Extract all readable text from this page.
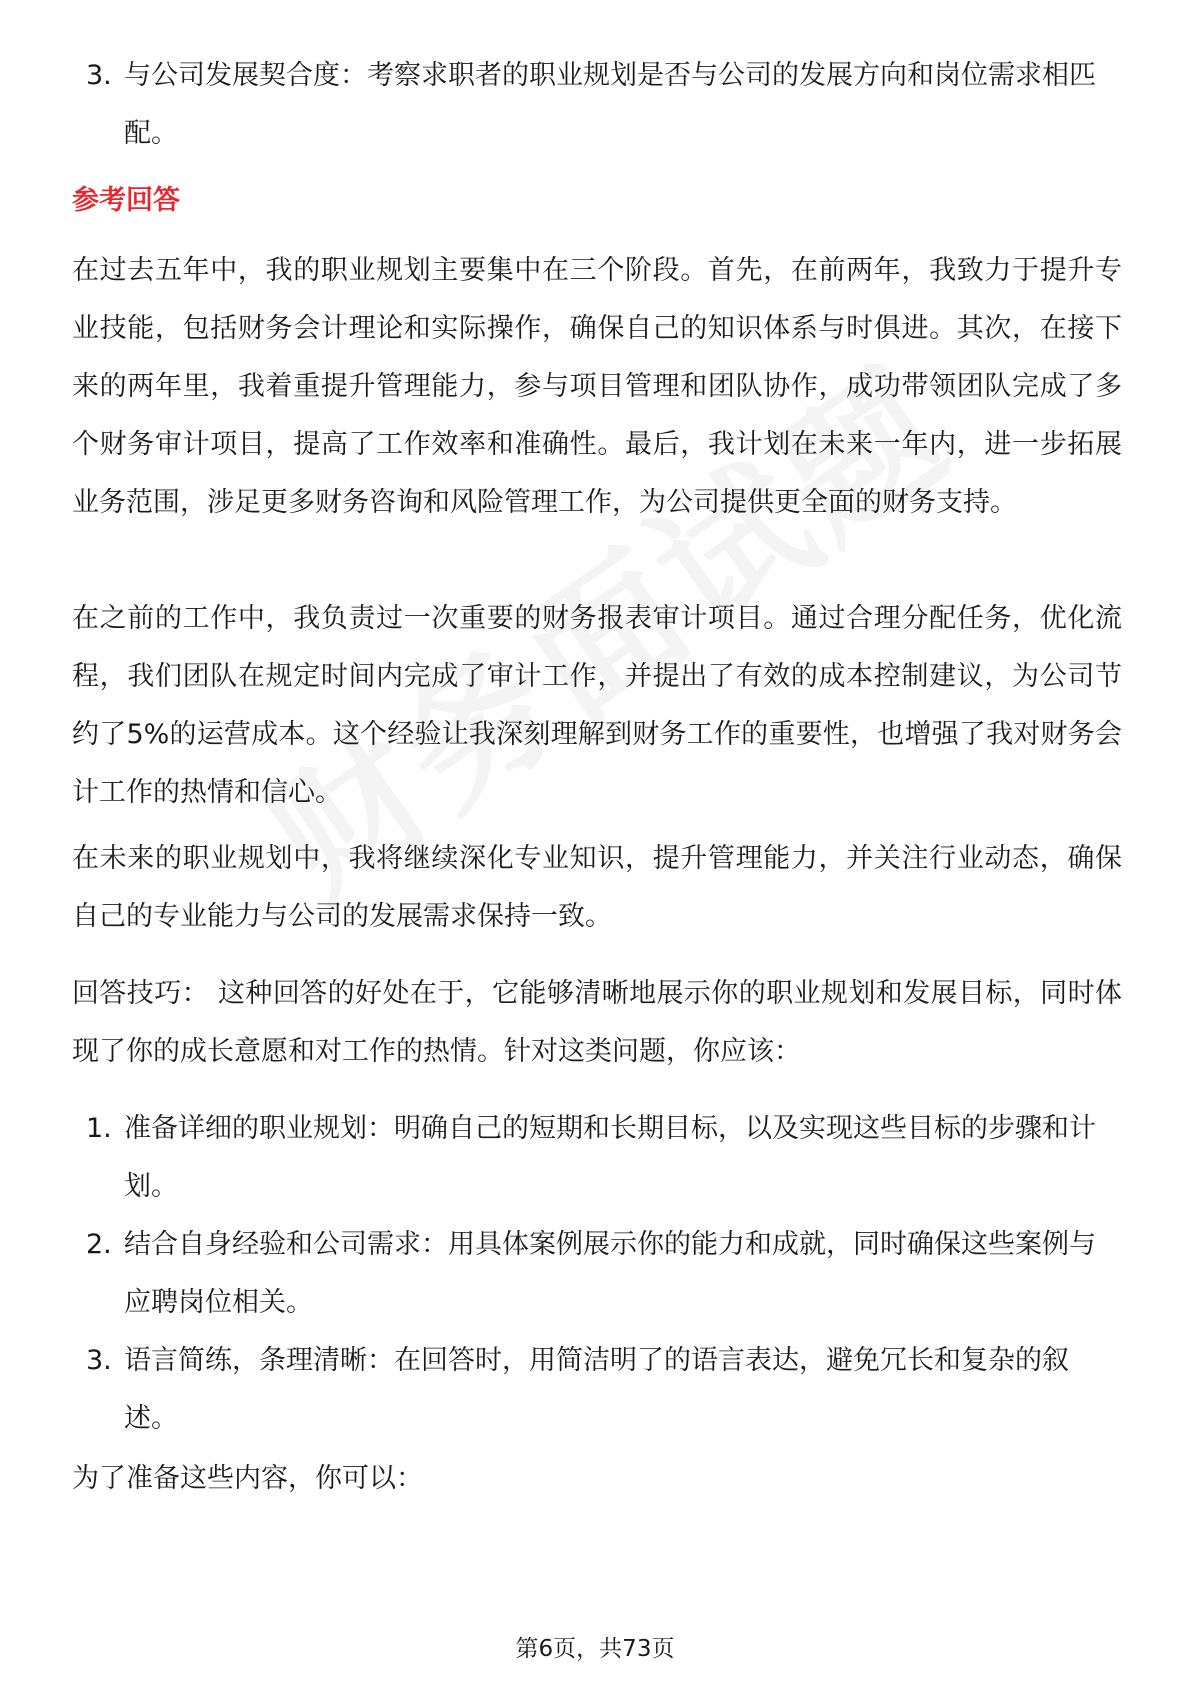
3. 与公司发展契合度：考察求职者的职业规划是否与公司的发展方向和岗位需求相匹配。
参考回答

在过去五年中，我的职业规划主要集中在三个阶段。首先，在前两年，我致力于提升专业技能，包括财务会计理论和实际操作，确保自己的知识体系与时俱进。其次，在接下来的两年里，我着重提升管理能力，参与项目管理和团队协作，成功带领团队完成了多个财务审计项目，提高了工作效率和准确性。最后，我计划在未来一年内，进一步拓展业务范围，涉足更多财务咨询和风险管理工作，为公司提供更全面的财务支持。

在之前的工作中，我负责过一次重要的财务报表审计项目。通过合理分配任务，优化流程，我们团队在规定时间内完成了审计工作，并提出了有效的成本控制建议，为公司节约了5%的运营成本。这个经验让我深刻理解到财务工作的重要性，也增强了我对财务会计工作的热情和信心。

在未来的职业规划中，我将继续深化专业知识，提升管理能力，并关注行业动态，确保自己的专业能力与公司的发展需求保持一致。

回答技巧： 这种回答的好处在于，它能够清晰地展示你的职业规划和发展目标，同时体现了你的成长意愿和对工作的热情。针对这类问题，你应该：

1. 准备详细的职业规划：明确自己的短期和长期目标，以及实现这些目标的步骤和计划。
2. 结合自身经验和公司需求：用具体案例展示你的能力和成就，同时确保这些案例与应聘岗位相关。
3. 语言简练，条理清晰：在回答时，用简洁明了的语言表达，避免冗长和复杂的叙述。

为了准备这些内容，你可以：

第6页，共73页
